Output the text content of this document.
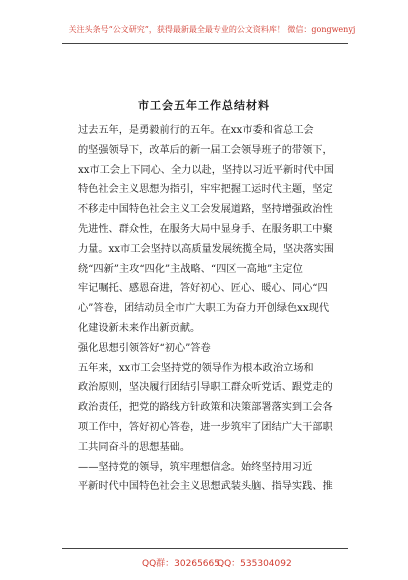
关注头条号“公文研究”，获得最新最全最专业的公文资料库！ 微信：gongwenyj
市工会五年工作总结材料
过去五年，是勇毅前行的五年。在xx市委和省总工会
的坚强领导下，改革后的新一届工会领导班子的带领下，
xx市工会上下同心、全力以赴，坚持以习近平新时代中国
特色社会主义思想为指引，牢牢把握工运时代主题，坚定
不移走中国特色社会主义工会发展道路，坚持增强政治性
先进性、群众性，在服务大局中显身手、在服务职工中聚
力量。xx市工会坚持以高质量发展统揽全局，坚决落实围
绕“四新”主攻“四化”主战略、“四区一高地”主定位
牢记嘱托、感恩奋进，答好初心、匠心、暖心、同心“四
心”答卷，团结动员全市广大职工为奋力开创绿色xx现代
化建设新未来作出新贡献。
强化思想引领答好“初心”答卷
五年来，xx市工会坚持党的领导作为根本政治立场和
政治原则，坚决履行团结引导职工群众听党话、跟党走的
政治责任，把党的路线方针政策和决策部署落实到工会各
项工作中，答好初心答卷，进一步筑牢了团结广大干部职
工共同奋斗的思想基础。
——坚持党的领导，筑牢理想信念。始终坚持用习近
平新时代中国特色社会主义思想武装头脑、指导实践、推
QQ群：30265665
QQ：535304092
